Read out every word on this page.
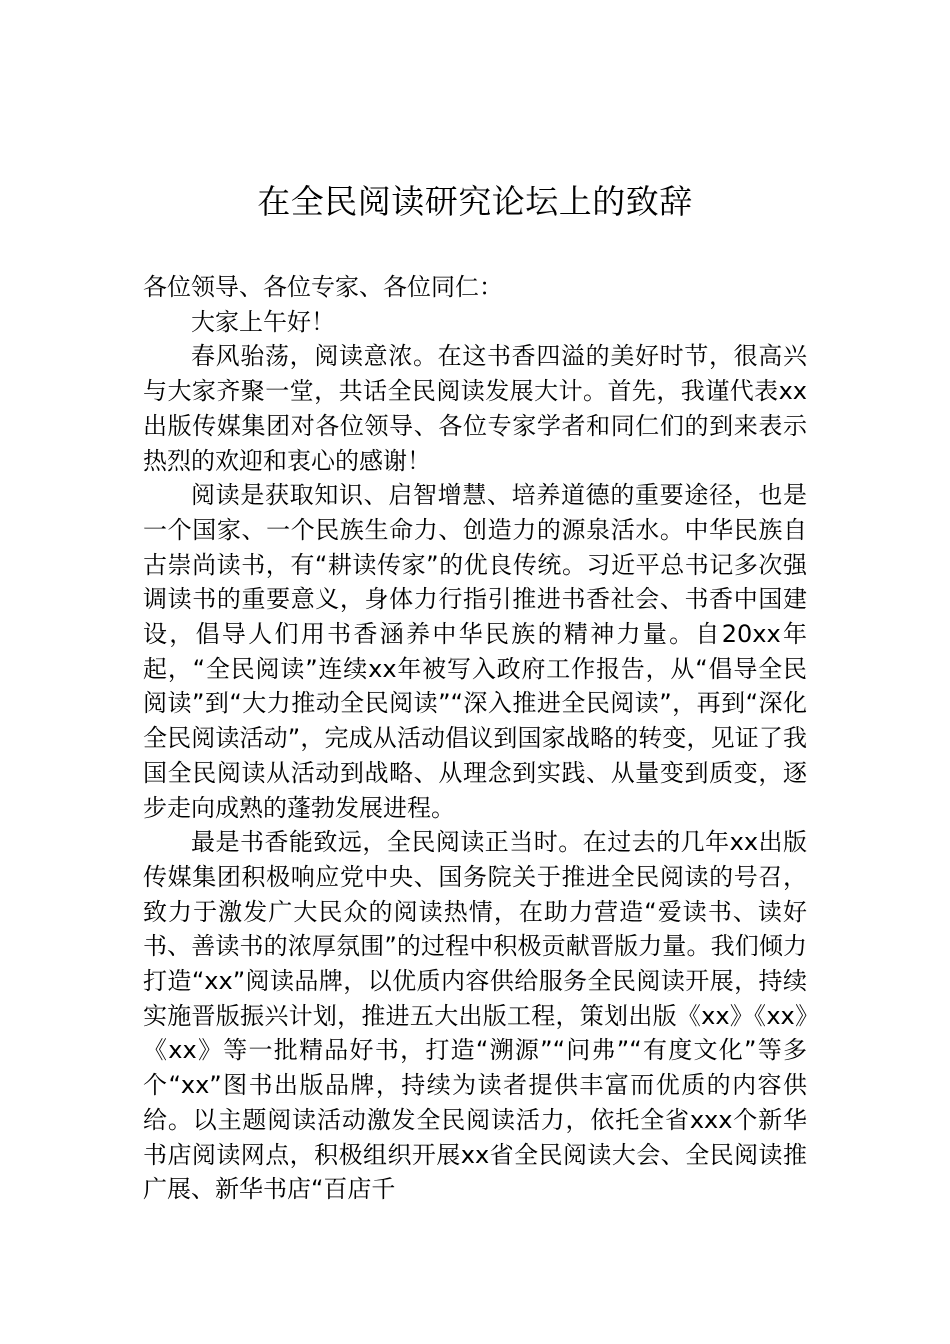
在全民阅读研究论坛上的致辞

各位领导、各位专家、各位同仁：

大家上午好！

春风骀荡，阅读意浓。在这书香四溢的美好时节，很高兴与大家齐聚一堂，共话全民阅读发展大计。首先，我谨代表xx出版传媒集团对各位领导、各位专家学者和同仁们的到来表示热烈的欢迎和衷心的感谢！

阅读是获取知识、启智增慧、培养道德的重要途径，也是一个国家、一个民族生命力、创造力的源泉活水。中华民族自古崇尚读书，有“耕读传家”的优良传统。习近平总书记多次强调读书的重要意义，身体力行指引推进书香社会、书香中国建设，倡导人们用书香涵养中华民族的精神力量。自20xx年起，“全民阅读”连续xx年被写入政府工作报告，从“倡导全民阅读”到“大力推动全民阅读”“深入推进全民阅读”，再到“深化全民阅读活动”，完成从活动倡议到国家战略的转变，见证了我国全民阅读从活动到战略、从理念到实践、从量变到质变，逐步走向成熟的蓬勃发展进程。

最是书香能致远，全民阅读正当时。在过去的几年xx出版传媒集团积极响应党中央、国务院关于推进全民阅读的号召，致力于激发广大民众的阅读热情，在助力营造“爱读书、读好书、善读书的浓厚氛围”的过程中积极贡献晋版力量。我们倾力打造“xx”阅读品牌，以优质内容供给服务全民阅读开展，持续实施晋版振兴计划，推进五大出版工程，策划出版《xx》《xx》《xx》等一批精品好书，打造“溯源”“问弗”“有度文化”等多个“xx”图书出版品牌，持续为读者提供丰富而优质的内容供给。以主题阅读活动激发全民阅读活力，依托全省xxx个新华书店阅读网点，积极组织开展xx省全民阅读大会、全民阅读推广展、新华书店“百店千
